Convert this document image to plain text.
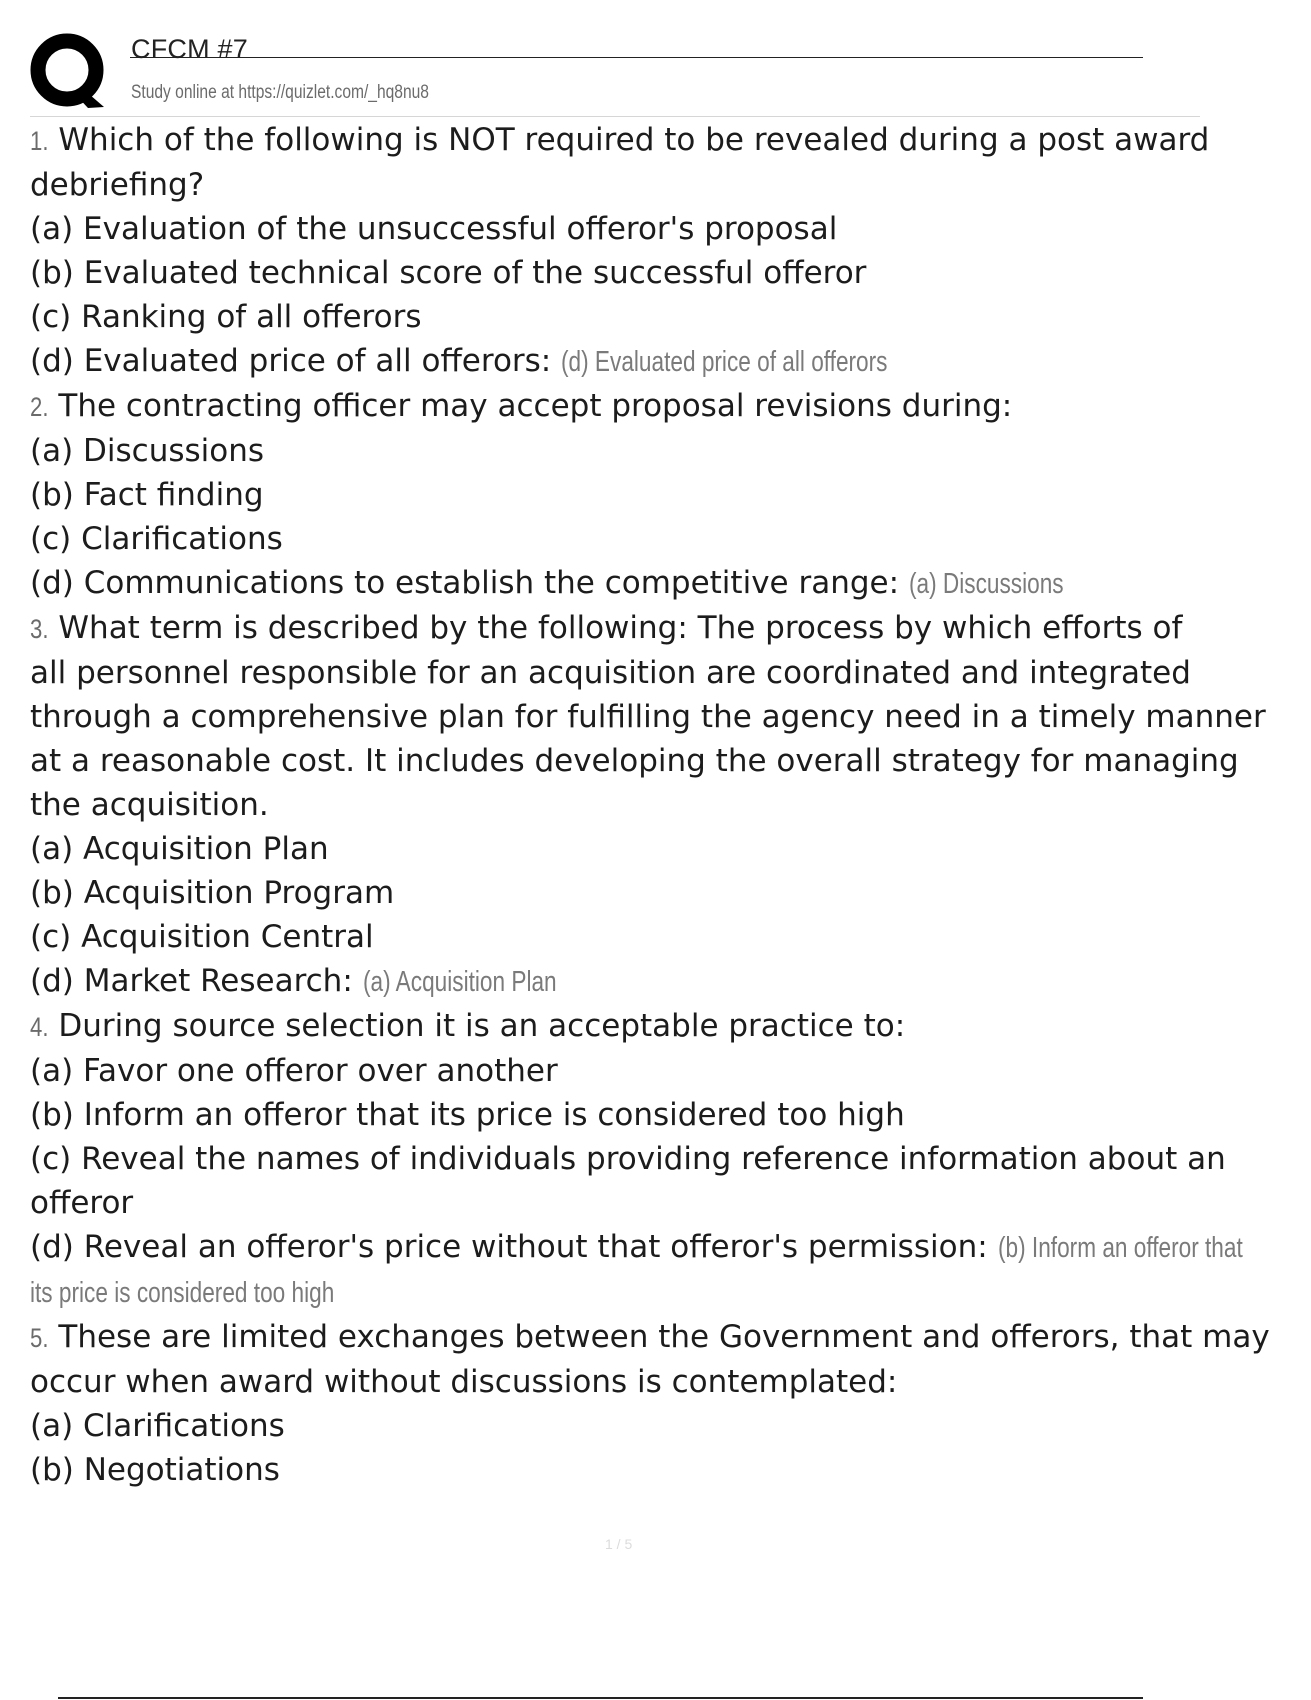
CFCM #7
Study online at https://quizlet.com/_hq8nu8
1. Which of the following is NOT required to be revealed during a post award
debriefing?
(a) Evaluation of the unsuccessful offeror's proposal
(b) Evaluated technical score of the successful offeror
(c) Ranking of all offerors
(d) Evaluated price of all offerors: (d) Evaluated price of all offerors
2. The contracting officer may accept proposal revisions during:
(a) Discussions
(b) Fact finding
(c) Clarifications
(d) Communications to establish the competitive range: (a) Discussions
3. What term is described by the following: The process by which efforts of
all personnel responsible for an acquisition are coordinated and integrated
through a comprehensive plan for fulfilling the agency need in a timely manner
at a reasonable cost. It includes developing the overall strategy for managing
the acquisition.
(a) Acquisition Plan
(b) Acquisition Program
(c) Acquisition Central
(d) Market Research: (a) Acquisition Plan
4. During source selection it is an acceptable practice to:
(a) Favor one offeror over another
(b) Inform an offeror that its price is considered too high
(c) Reveal the names of individuals providing reference information about an
offeror
(d) Reveal an offeror's price without that offeror's permission: (b) Inform an offeror that
its price is considered too high
5. These are limited exchanges between the Government and offerors, that may
occur when award without discussions is contemplated:
(a) Clarifications
(b) Negotiations
1 / 5
